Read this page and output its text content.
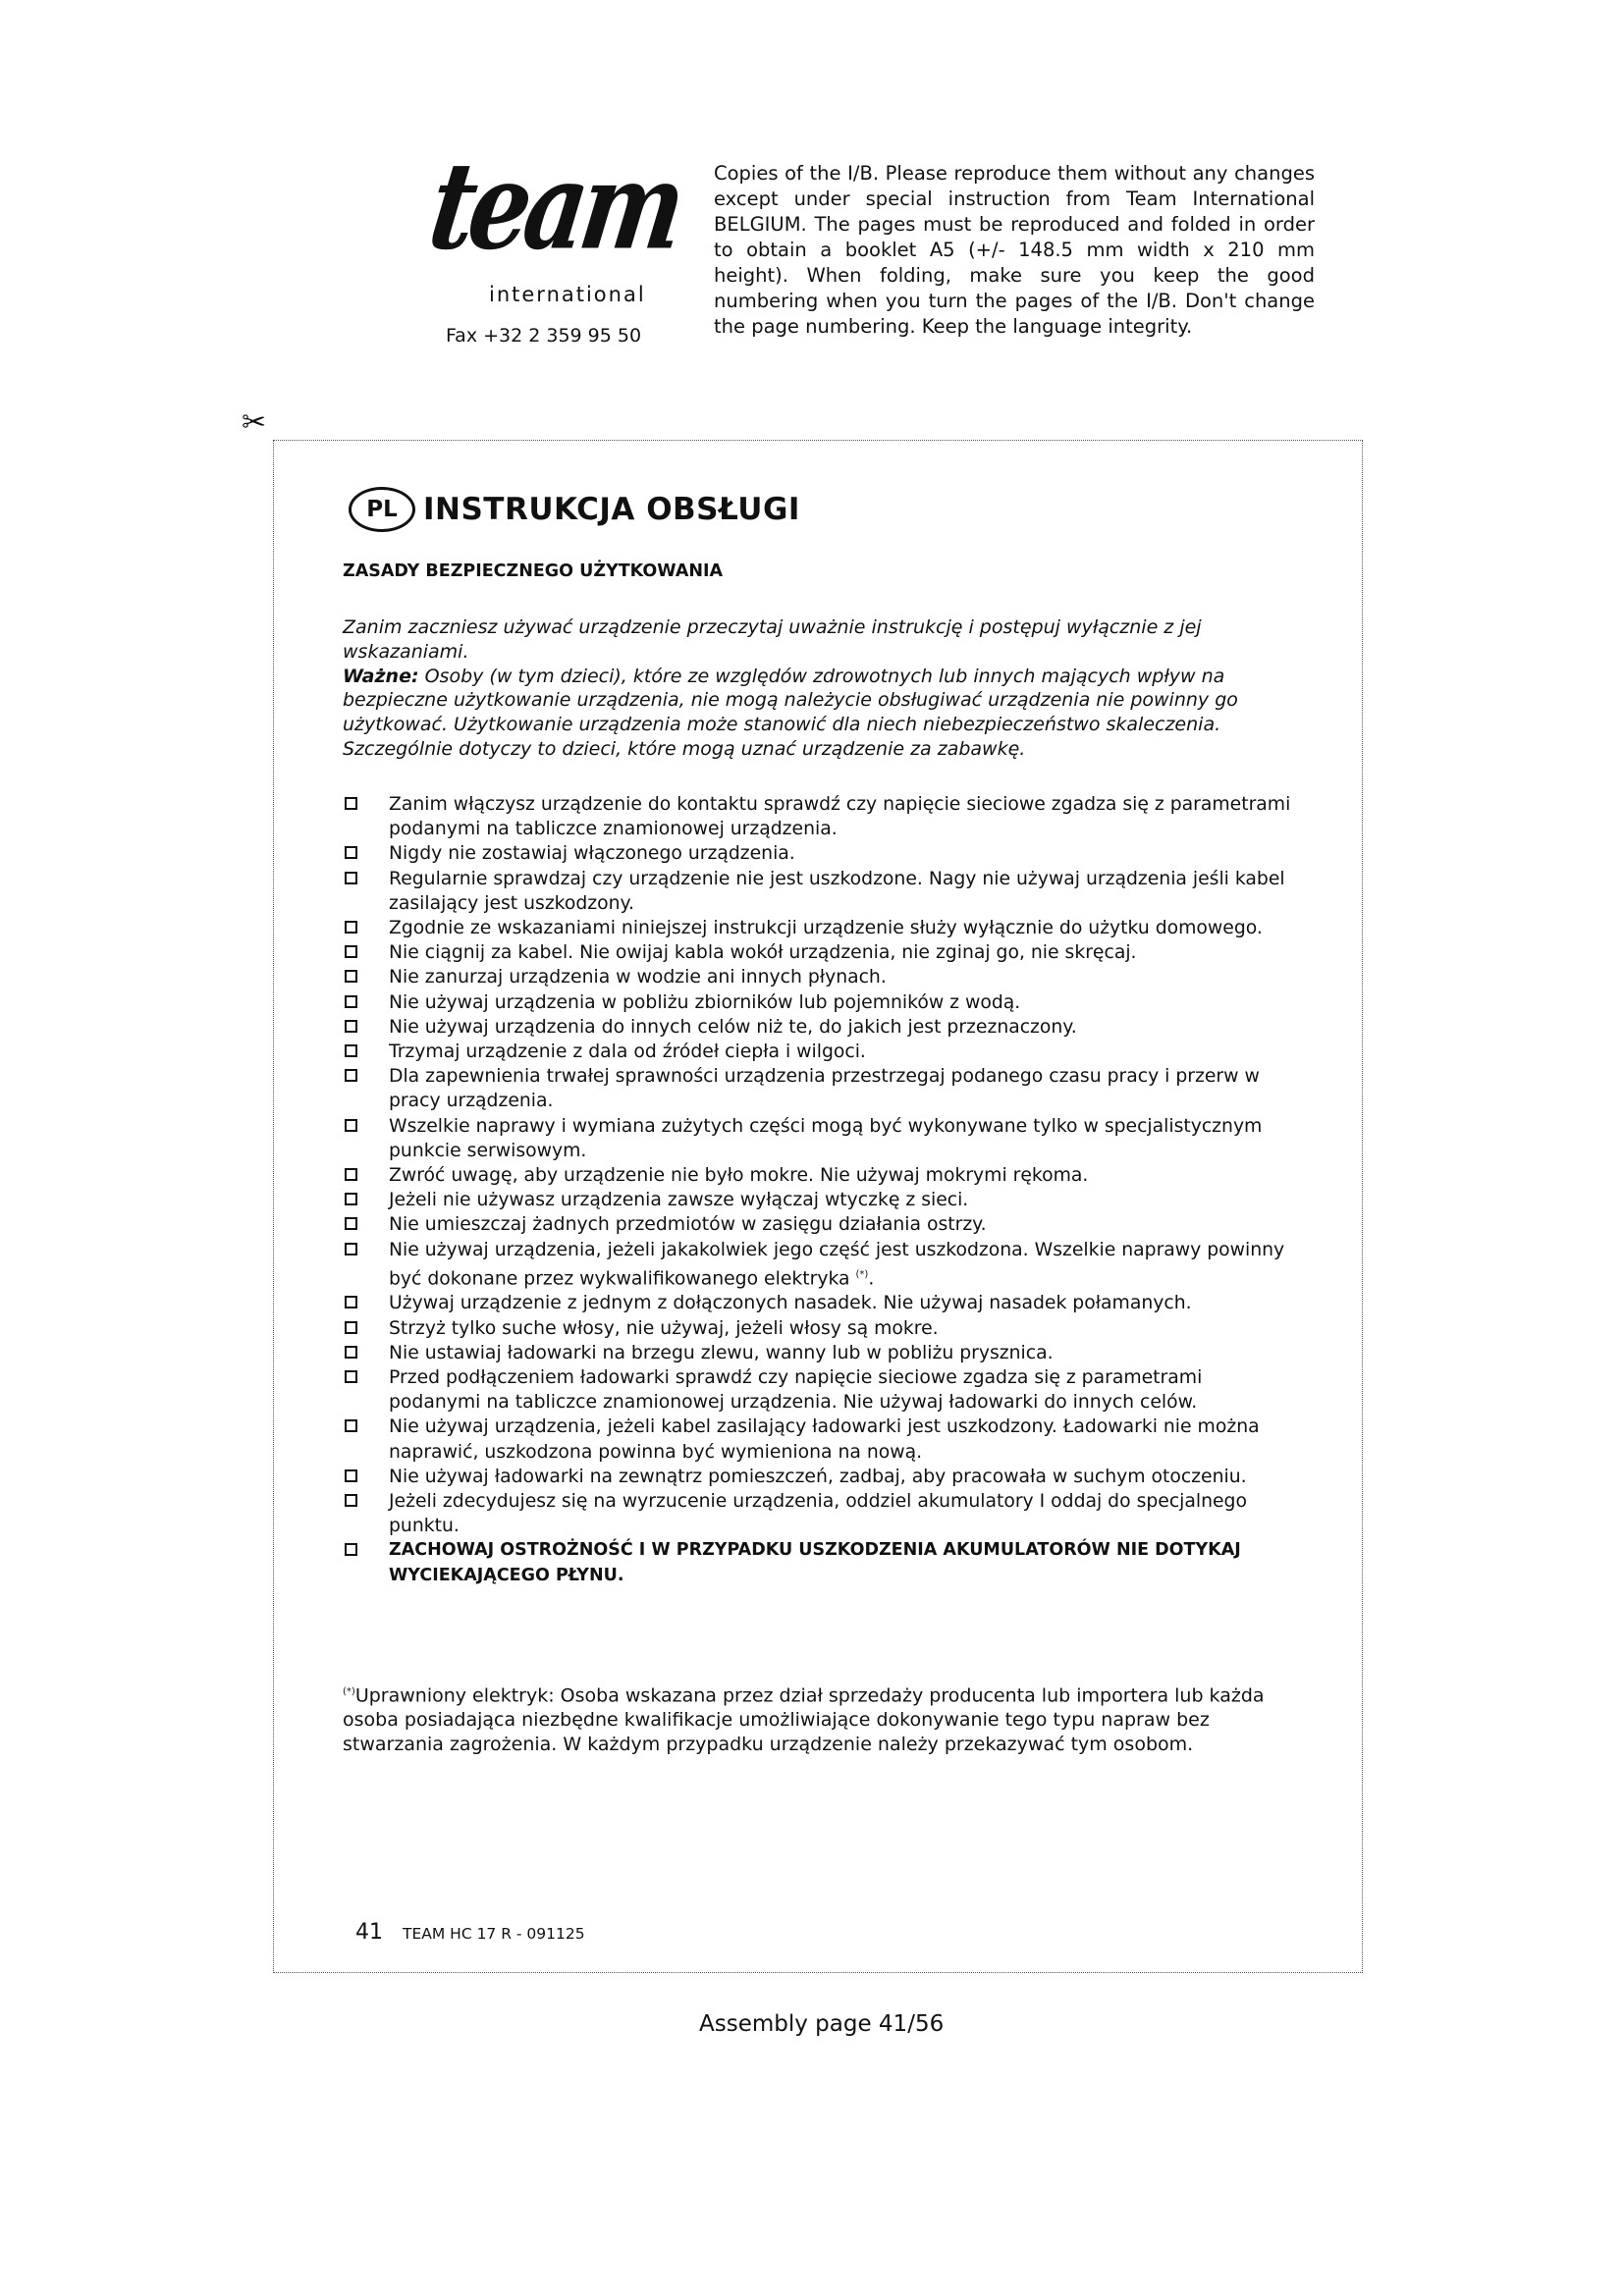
team
international
Fax +32 2 359 95 50
Copies of the I/B. Please reproduce them without any changes except under special instruction from Team International BELGIUM. The pages must be reproduced and folded in order to obtain a booklet A5 (+/- 148.5 mm width x 210 mm height). When folding, make sure you keep the good numbering when you turn the pages of the I/B. Don't change the page numbering. Keep the language integrity.
✂
PL INSTRUKCJA OBSŁUGI
ZASADY BEZPIECZNEGO UŻYTKOWANIA

Zanim zaczniesz używać urządzenie przeczytaj uważnie instrukcję i postępuj wyłącznie z jej wskazaniami.

Ważne: Osoby (w tym dzieci), które ze względów zdrowotnych lub innych mających wpływ na bezpieczne użytkowanie urządzenia, nie mogą należycie obsługiwać urządzenia nie powinny go użytkować. Użytkowanie urządzenia może stanowić dla niech niebezpieczeństwo skaleczenia. Szczególnie dotyczy to dzieci, które mogą uznać urządzenie za zabawkę.

Zanim włączysz urządzenie do kontaktu sprawdź czy napięcie sieciowe zgadza się z parametrami podanymi na tabliczce znamionowej urządzenia.
Nigdy nie zostawiaj włączonego urządzenia.
Regularnie sprawdzaj czy urządzenie nie jest uszkodzone. Nagy nie używaj urządzenia jeśli kabel zasilający jest uszkodzony.
Zgodnie ze wskazaniami niniejszej instrukcji urządzenie służy wyłącznie do użytku domowego.
Nie ciągnij za kabel. Nie owijaj kabla wokół urządzenia, nie zginaj go, nie skręcaj.
Nie zanurzaj urządzenia w wodzie ani innych płynach.
Nie używaj urządzenia w pobliżu zbiorników lub pojemników z wodą.
Nie używaj urządzenia do innych celów niż te, do jakich jest przeznaczony.
Trzymaj urządzenie z dala od źródeł ciepła i wilgoci.
Dla zapewnienia trwałej sprawności urządzenia przestrzegaj podanego czasu pracy i przerw w pracy urządzenia.
Wszelkie naprawy i wymiana zużytych części mogą być wykonywane tylko w specjalistycznym punkcie serwisowym.
Zwróć uwagę, aby urządzenie nie było mokre. Nie używaj mokrymi rękoma.
Jeżeli nie używasz urządzenia zawsze wyłączaj wtyczkę z sieci.
Nie umieszczaj żadnych przedmiotów w zasięgu działania ostrzy.
Nie używaj urządzenia, jeżeli jakakolwiek jego część jest uszkodzona. Wszelkie naprawy powinny być dokonane przez wykwalifikowanego elektryka (*).
Używaj urządzenie z jednym z dołączonych nasadek. Nie używaj nasadek połamanych.
Strzyż tylko suche włosy, nie używaj, jeżeli włosy są mokre.
Nie ustawiaj ładowarki na brzegu zlewu, wanny lub w pobliżu prysznica.
Przed podłączeniem ładowarki sprawdź czy napięcie sieciowe zgadza się z parametrami podanymi na tabliczce znamionowej urządzenia. Nie używaj ładowarki do innych celów.
Nie używaj urządzenia, jeżeli kabel zasilający ładowarki jest uszkodzony. Ładowarki nie można naprawić, uszkodzona powinna być wymieniona na nową.
Nie używaj ładowarki na zewnątrz pomieszczeń, zadbaj, aby pracowała w suchym otoczeniu.
Jeżeli zdecydujesz się na wyrzucenie urządzenia, oddziel akumulatory I oddaj do specjalnego punktu.
ZACHOWAJ OSTROŻNOŚĆ I W PRZYPADKU USZKODZENIA AKUMULATORÓW NIE DOTYKAJ WYCIEKAJĄCEGO PŁYNU.
(*)Uprawniony elektryk: Osoba wskazana przez dział sprzedaży producenta lub importera lub każda osoba posiadająca niezbędne kwalifikacje umożliwiające dokonywanie tego typu napraw bez stwarzania zagrożenia. W każdym przypadku urządzenie należy przekazywać tym osobom.
41 TEAM HC 17 R - 091125
Assembly page 41/56
